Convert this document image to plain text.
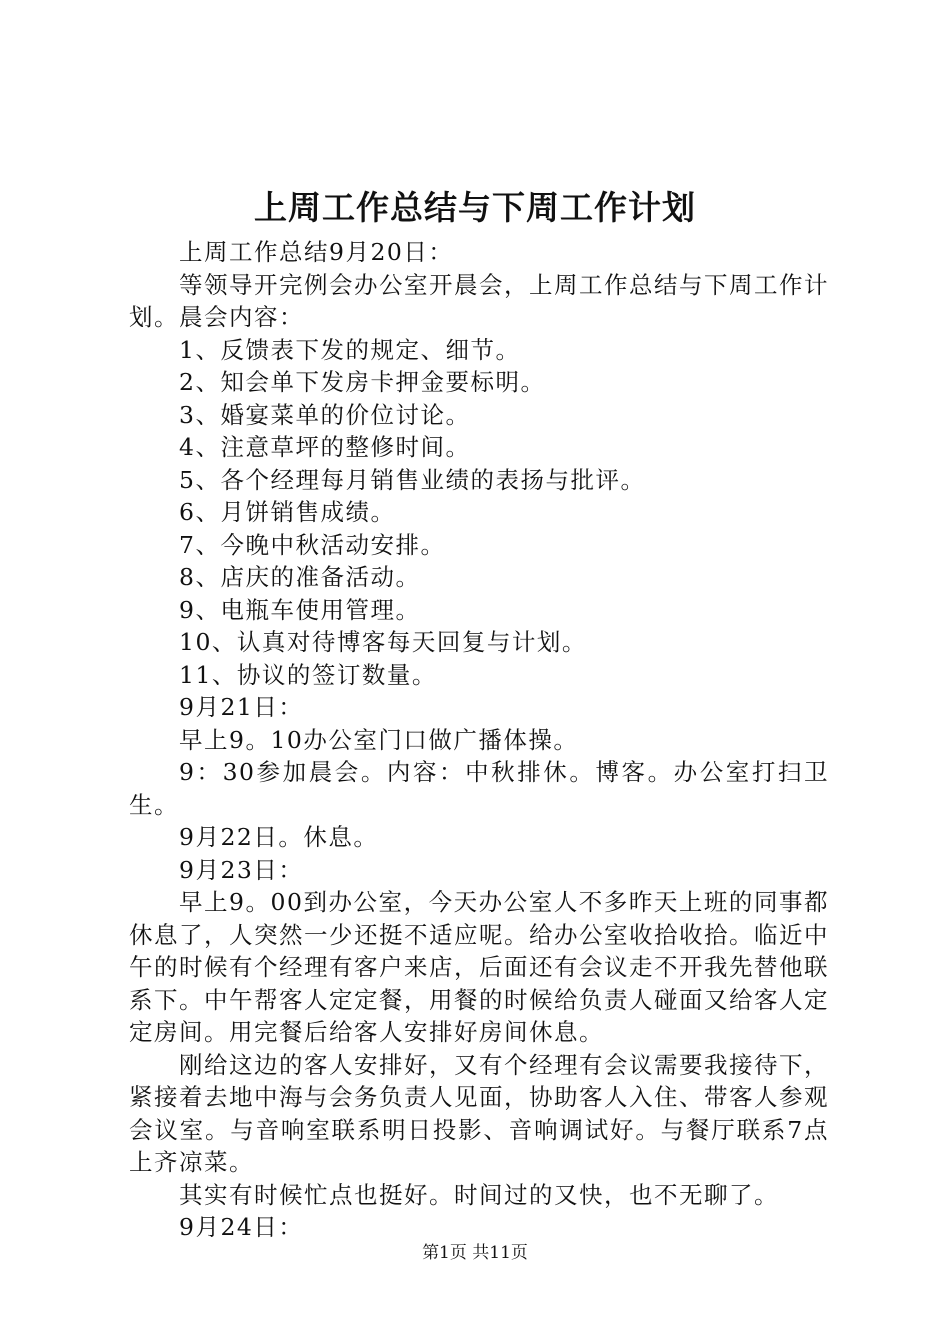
上周工作总结与下周工作计划

上周工作总结9月20日：

等领导开完例会办公室开晨会，上周工作总结与下周工作计划。晨会内容：

1、反馈表下发的规定、细节。

2、知会单下发房卡押金要标明。

3、婚宴菜单的价位讨论。

4、注意草坪的整修时间。

5、各个经理每月销售业绩的表扬与批评。

6、月饼销售成绩。

7、今晚中秋活动安排。

8、店庆的准备活动。

9、电瓶车使用管理。

10、认真对待博客每天回复与计划。

11、协议的签订数量。

9月21日：

早上9。10办公室门口做广播体操。

9：30参加晨会。内容：中秋排休。博客。办公室打扫卫生。

9月22日。休息。

9月23日：

早上9。00到办公室，今天办公室人不多昨天上班的同事都休息了，人突然一少还挺不适应呢。给办公室收拾收拾。临近中午的时候有个经理有客户来店，后面还有会议走不开我先替他联系下。中午帮客人定定餐，用餐的时候给负责人碰面又给客人定定房间。用完餐后给客人安排好房间休息。

刚给这边的客人安排好，又有个经理有会议需要我接待下，紧接着去地中海与会务负责人见面，协助客人入住、带客人参观会议室。与音响室联系明日投影、音响调试好。与餐厅联系7点上齐凉菜。

其实有时候忙点也挺好。时间过的又快，也不无聊了。

9月24日：

第1页 共11页
